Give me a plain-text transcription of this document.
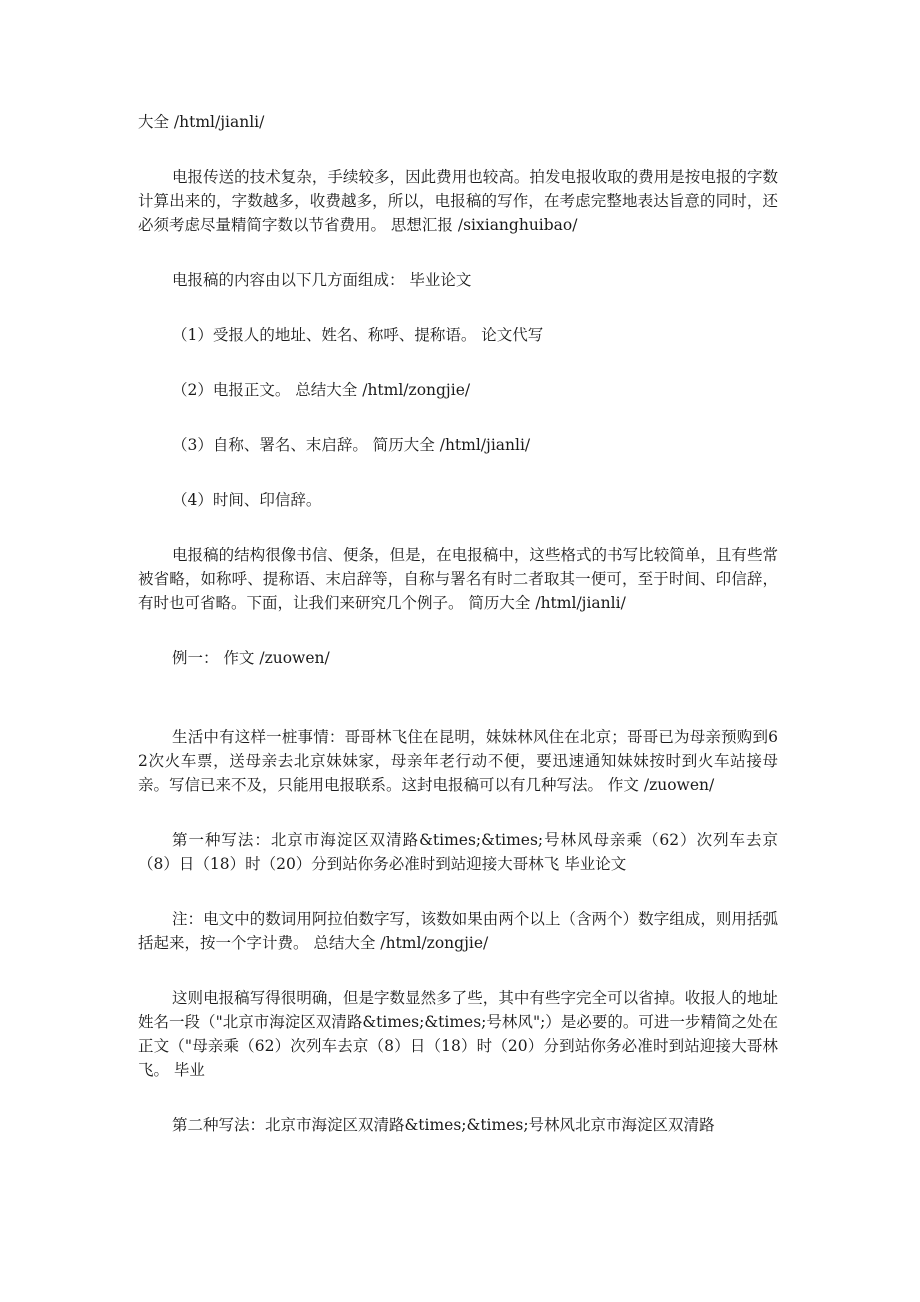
大全 /html/jianli/

电报传送的技术复杂，手续较多，因此费用也较高。拍发电报收取的费用是按电报的字数计算出来的，字数越多，收费越多，所以，电报稿的写作，在考虑完整地表达旨意的同时，还必须考虑尽量精简字数以节省费用。 思想汇报 /sixianghuibao/

电报稿的内容由以下几方面组成： 毕业论文

（1）受报人的地址、姓名、称呼、提称语。 论文代写

（2）电报正文。 总结大全 /html/zongjie/

（3）自称、署名、末启辞。 简历大全 /html/jianli/

（4）时间、印信辞。

电报稿的结构很像书信、便条，但是，在电报稿中，这些格式的书写比较简单，且有些常被省略，如称呼、提称语、末启辞等，自称与署名有时二者取其一便可，至于时间、印信辞，有时也可省略。下面，让我们来研究几个例子。 简历大全 /html/jianli/

例一： 作文 /zuowen/

生活中有这样一桩事情：哥哥林飞住在昆明，妹妹林风住在北京；哥哥已为母亲预购到62次火车票，送母亲去北京妹妹家，母亲年老行动不便，要迅速通知妹妹按时到火车站接母亲。写信已来不及，只能用电报联系。这封电报稿可以有几种写法。 作文 /zuowen/

第一种写法：北京市海淀区双清路&times;&times;号林风母亲乘（62）次列车去京（8）日（18）时（20）分到站你务必准时到站迎接大哥林飞 毕业论文

注：电文中的数词用阿拉伯数字写，该数如果由两个以上（含两个）数字组成，则用括弧括起来，按一个字计费。 总结大全 /html/zongjie/

这则电报稿写得很明确，但是字数显然多了些，其中有些字完全可以省掉。收报人的地址姓名一段（"北京市海淀区双清路&times;&times;号林风";）是必要的。可进一步精简之处在正文（"母亲乘（62）次列车去京（8）日（18）时（20）分到站你务必准时到站迎接大哥林飞。 毕业

第二种写法：北京市海淀区双清路&times;&times;号林风北京市海淀区双清路
